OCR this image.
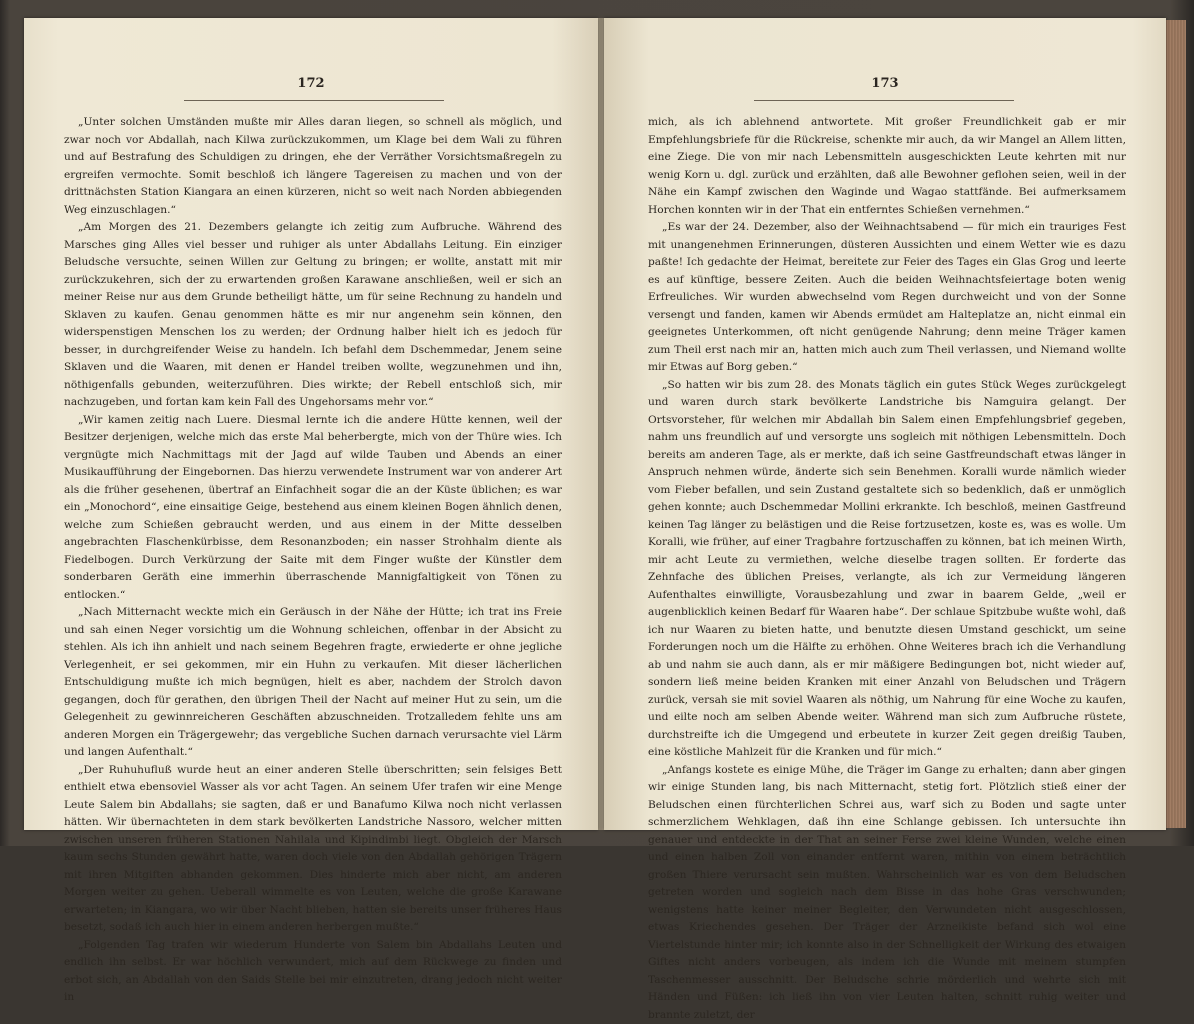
172

„Unter solchen Umständen mußte mir Alles daran liegen, so schnell als möglich, und zwar noch vor Abdallah, nach Kilwa zurückzukommen, um Klage bei dem Wali zu führen und auf Bestrafung des Schuldigen zu dringen, ehe der Verräther Vorsichtsmaßregeln zu ergreifen vermochte. Somit beschloß ich längere Tagereisen zu machen und von der drittnächsten Station Kiangara an einen kürzeren, nicht so weit nach Norden abbiegenden Weg einzuschlagen.“

„Am Morgen des 21. Dezembers gelangte ich zeitig zum Aufbruche. Während des Marsches ging Alles viel besser und ruhiger als unter Abdallahs Leitung. Ein einziger Beludsche versuchte, seinen Willen zur Geltung zu bringen; er wollte, anstatt mit mir zurückzukehren, sich der zu erwartenden großen Karawane anschließen, weil er sich an meiner Reise nur aus dem Grunde betheiligt hätte, um für seine Rechnung zu handeln und Sklaven zu kaufen. Genau genommen hätte es mir nur angenehm sein können, den widerspenstigen Menschen los zu werden; der Ordnung halber hielt ich es jedoch für besser, in durchgreifender Weise zu handeln. Ich befahl dem Dschemmedar, Jenem seine Sklaven und die Waaren, mit denen er Handel treiben wollte, wegzunehmen und ihn, nöthigenfalls gebunden, weiterzuführen. Dies wirkte; der Rebell entschloß sich, mir nachzugeben, und fortan kam kein Fall des Ungehorsams mehr vor.“

„Wir kamen zeitig nach Luere. Diesmal lernte ich die andere Hütte kennen, weil der Besitzer derjenigen, welche mich das erste Mal beherbergte, mich von der Thüre wies. Ich vergnügte mich Nachmittags mit der Jagd auf wilde Tauben und Abends an einer Musikaufführung der Eingebornen. Das hierzu verwendete Instrument war von anderer Art als die früher gesehenen, übertraf an Einfachheit sogar die an der Küste üblichen; es war ein „Monochord“, eine einsaitige Geige, bestehend aus einem kleinen Bogen ähnlich denen, welche zum Schießen gebraucht werden, und aus einem in der Mitte desselben angebrachten Flaschenkürbisse, dem Resonanzboden; ein nasser Strohhalm diente als Fiedelbogen. Durch Verkürzung der Saite mit dem Finger wußte der Künstler dem sonderbaren Geräth eine immerhin überraschende Mannigfaltigkeit von Tönen zu entlocken.“

„Nach Mitternacht weckte mich ein Geräusch in der Nähe der Hütte; ich trat ins Freie und sah einen Neger vorsichtig um die Wohnung schleichen, offenbar in der Absicht zu stehlen. Als ich ihn anhielt und nach seinem Begehren fragte, erwiederte er ohne jegliche Verlegenheit, er sei gekommen, mir ein Huhn zu verkaufen. Mit dieser lächerlichen Entschuldigung mußte ich mich begnügen, hielt es aber, nachdem der Strolch davon gegangen, doch für gerathen, den übrigen Theil der Nacht auf meiner Hut zu sein, um die Gelegenheit zu gewinnreicheren Geschäften abzuschneiden. Trotzalledem fehlte uns am anderen Morgen ein Trägergewehr; das vergebliche Suchen darnach verursachte viel Lärm und langen Aufenthalt.“

„Der Ruhuhufluß wurde heut an einer anderen Stelle überschritten; sein felsiges Bett enthielt etwa ebensoviel Wasser als vor acht Tagen. An seinem Ufer trafen wir eine Menge Leute Salem bin Abdallahs; sie sagten, daß er und Banafumo Kilwa noch nicht verlassen hätten. Wir übernachteten in dem stark bevölkerten Landstriche Nassoro, welcher mitten zwischen unseren früheren Stationen Nahilala und Kipindimbi liegt. Obgleich der Marsch kaum sechs Stunden gewährt hatte, waren doch viele von den Abdallah gehörigen Trägern mit ihren Mitgiften abhanden gekommen. Dies hinderte mich aber nicht, am anderen Morgen weiter zu gehen. Ueberall wimmelte es von Leuten, welche die große Karawane erwarteten; in Kiangara, wo wir über Nacht blieben, hatten sie bereits unser früheres Haus besetzt, sodaß ich auch hier in einem anderen herbergen mußte.“

„Folgenden Tag trafen wir wiederum Hunderte von Salem bin Abdallahs Leuten und endlich ihn selbst. Er war höchlich verwundert, mich auf dem Rückwege zu finden und erbot sich, an Abdallah von den Saids Stelle bei mir einzutreten, drang jedoch nicht weiter in

173

mich, als ich ablehnend antwortete. Mit großer Freundlichkeit gab er mir Empfehlungsbriefe für die Rückreise, schenkte mir auch, da wir Mangel an Allem litten, eine Ziege. Die von mir nach Lebensmitteln ausgeschickten Leute kehrten mit nur wenig Korn u. dgl. zurück und erzählten, daß alle Bewohner geflohen seien, weil in der Nähe ein Kampf zwischen den Waginde und Wagao stattfände. Bei aufmerksamem Horchen konnten wir in der That ein entferntes Schießen vernehmen.“

„Es war der 24. Dezember, also der Weihnachtsabend — für mich ein trauriges Fest mit unangenehmen Erinnerungen, düsteren Aussichten und einem Wetter wie es dazu paßte! Ich gedachte der Heimat, bereitete zur Feier des Tages ein Glas Grog und leerte es auf künftige, bessere Zeiten. Auch die beiden Weihnachtsfeiertage boten wenig Erfreuliches. Wir wurden abwechselnd vom Regen durchweicht und von der Sonne versengt und fanden, kamen wir Abends ermüdet am Halteplatze an, nicht einmal ein geeignetes Unterkommen, oft nicht genügende Nahrung; denn meine Träger kamen zum Theil erst nach mir an, hatten mich auch zum Theil verlassen, und Niemand wollte mir Etwas auf Borg geben.“

„So hatten wir bis zum 28. des Monats täglich ein gutes Stück Weges zurückgelegt und waren durch stark bevölkerte Landstriche bis Namguira gelangt. Der Ortsvorsteher, für welchen mir Abdallah bin Salem einen Empfehlungsbrief gegeben, nahm uns freundlich auf und versorgte uns sogleich mit nöthigen Lebensmitteln. Doch bereits am anderen Tage, als er merkte, daß ich seine Gastfreundschaft etwas länger in Anspruch nehmen würde, änderte sich sein Benehmen. Koralli wurde nämlich wieder vom Fieber befallen, und sein Zustand gestaltete sich so bedenklich, daß er unmöglich gehen konnte; auch Dschemmedar Mollini erkrankte. Ich beschloß, meinen Gastfreund keinen Tag länger zu belästigen und die Reise fortzusetzen, koste es, was es wolle. Um Koralli, wie früher, auf einer Tragbahre fortzuschaffen zu können, bat ich meinen Wirth, mir acht Leute zu vermiethen, welche dieselbe tragen sollten. Er forderte das Zehnfache des üblichen Preises, verlangte, als ich zur Vermeidung längeren Aufenthaltes einwilligte, Vorausbezahlung und zwar in baarem Gelde, „weil er augenblicklich keinen Bedarf für Waaren habe“. Der schlaue Spitzbube wußte wohl, daß ich nur Waaren zu bieten hatte, und benutzte diesen Umstand geschickt, um seine Forderungen noch um die Hälfte zu erhöhen. Ohne Weiteres brach ich die Verhandlung ab und nahm sie auch dann, als er mir mäßigere Bedingungen bot, nicht wieder auf, sondern ließ meine beiden Kranken mit einer Anzahl von Beludschen und Trägern zurück, versah sie mit soviel Waaren als nöthig, um Nahrung für eine Woche zu kaufen, und eilte noch am selben Abende weiter. Während man sich zum Aufbruche rüstete, durchstreifte ich die Umgegend und erbeutete in kurzer Zeit gegen dreißig Tauben, eine köstliche Mahlzeit für die Kranken und für mich.“

„Anfangs kostete es einige Mühe, die Träger im Gange zu erhalten; dann aber gingen wir einige Stunden lang, bis nach Mitternacht, stetig fort. Plötzlich stieß einer der Beludschen einen fürchterlichen Schrei aus, warf sich zu Boden und sagte unter schmerzlichem Wehklagen, daß ihn eine Schlange gebissen. Ich untersuchte ihn genauer und entdeckte in der That an seiner Ferse zwei kleine Wunden, welche einen und einen halben Zoll von einander entfernt waren, mithin von einem beträchtlich großen Thiere verursacht sein mußten. Wahrscheinlich war es von dem Beludschen getreten worden und sogleich nach dem Bisse in das hohe Gras verschwunden; wenigstens hatte keiner meiner Begleiter, den Verwundeten nicht ausgeschlossen, etwas Kriechendes gesehen. Der Träger der Arzneikiste befand sich wol eine Viertelstunde hinter mir; ich konnte also in der Schnelligkeit der Wirkung des etwaigen Giftes nicht anders vorbeugen, als indem ich die Wunde mit meinem stumpfen Taschenmesser ausschnitt. Der Beludsche schrie mörderlich und wehrte sich mit Händen und Füßen: ich ließ ihn von vier Leuten halten, schnitt ruhig weiter und brannte zuletzt, der
